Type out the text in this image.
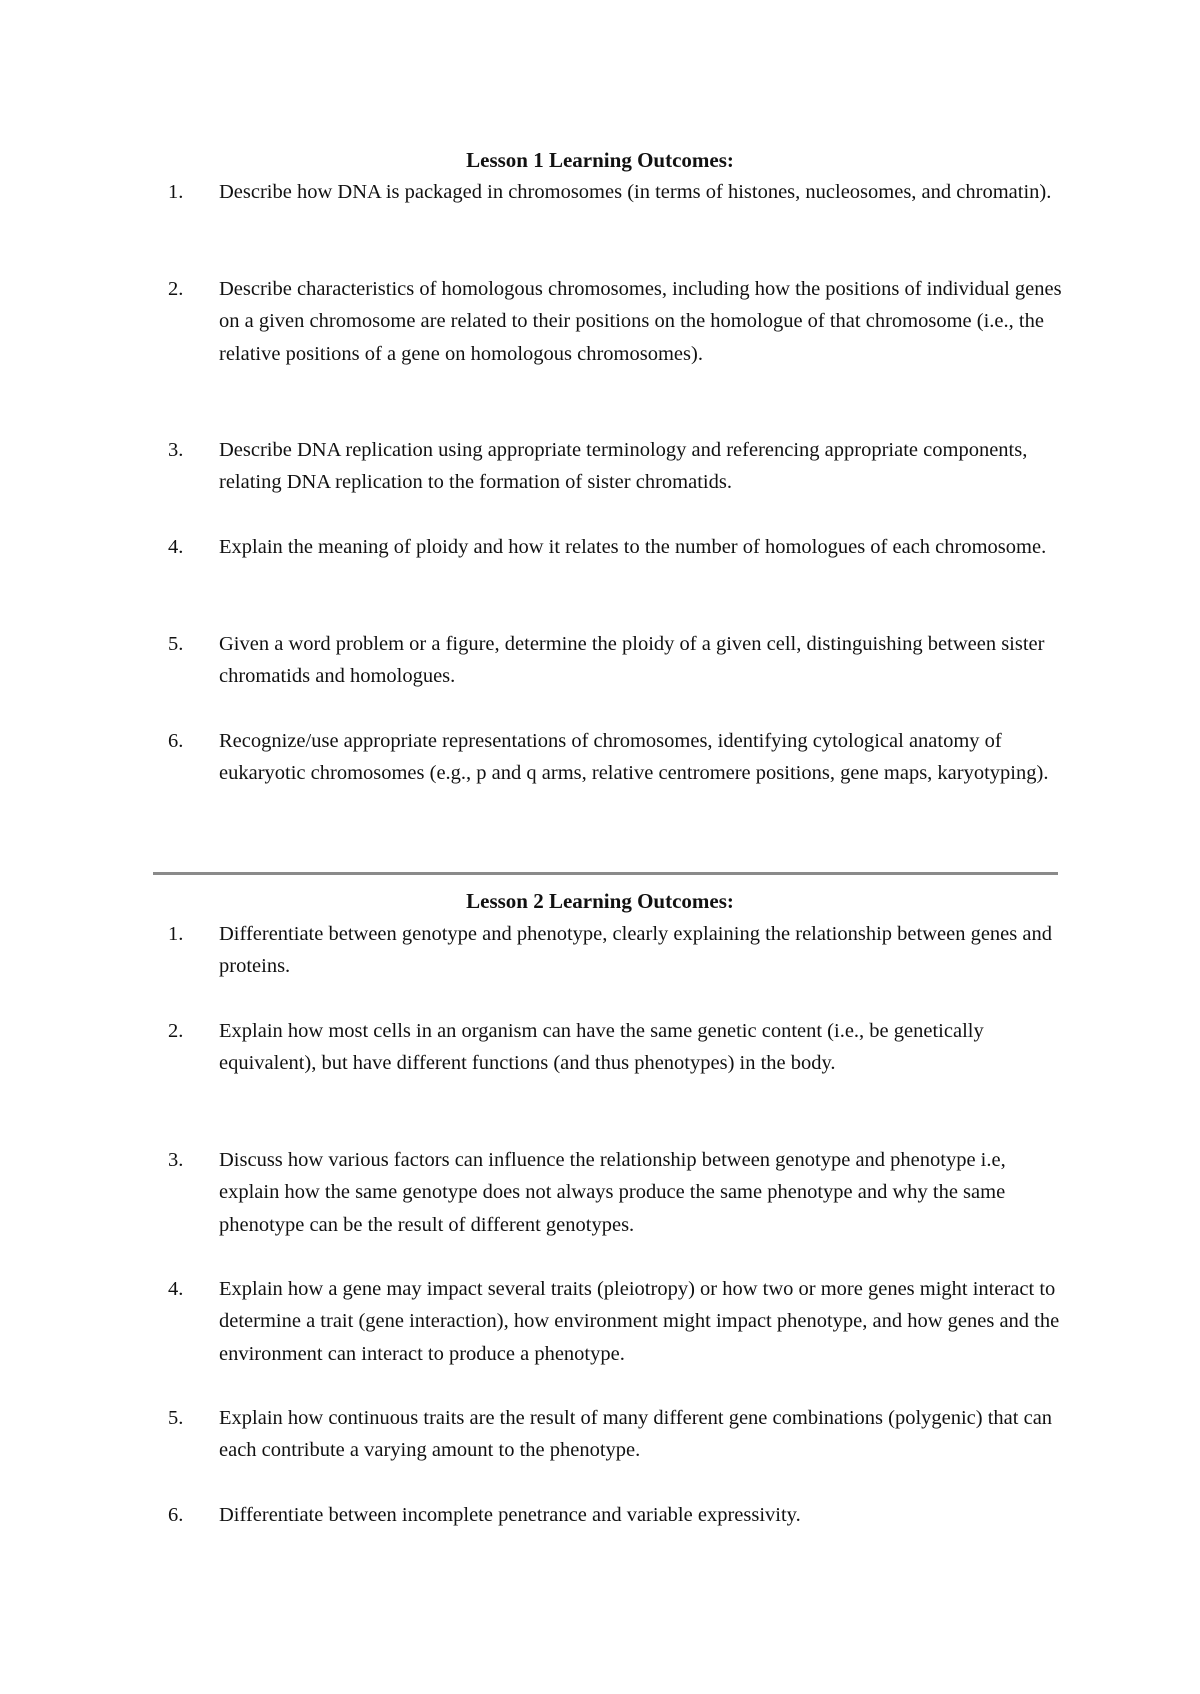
Lesson 1 Learning Outcomes:
1.	Describe how DNA is packaged in chromosomes (in terms of histones, nucleosomes, and chromatin).
2.	Describe characteristics of homologous chromosomes, including how the positions of individual genes on a given chromosome are related to their positions on the homologue of that chromosome (i.e., the relative positions of a gene on homologous chromosomes).
3.	Describe DNA replication using appropriate terminology and referencing appropriate components, relating DNA replication to the formation of sister chromatids.
4.	Explain the meaning of ploidy and how it relates to the number of homologues of each chromosome.
5.	Given a word problem or a figure, determine the ploidy of a given cell, distinguishing between sister chromatids and homologues.
6.	Recognize/use appropriate representations of chromosomes, identifying cytological anatomy of eukaryotic chromosomes (e.g., p and q arms, relative centromere positions, gene maps, karyotyping).
Lesson 2 Learning Outcomes:
1.	Differentiate between genotype and phenotype, clearly explaining the relationship between genes and proteins.
2.	Explain how most cells in an organism can have the same genetic content (i.e., be genetically equivalent), but have different functions (and thus phenotypes) in the body.
3.	Discuss how various factors can influence the relationship between genotype and phenotype i.e, explain how the same genotype does not always produce the same phenotype and why the same phenotype can be the result of different genotypes.
4.	Explain how a gene may impact several traits (pleiotropy) or how two or more genes might interact to determine a trait (gene interaction), how environment might impact phenotype, and how genes and the environment can interact to produce a phenotype.
5.	Explain how continuous traits are the result of many different gene combinations (polygenic) that can each contribute a varying amount to the phenotype.
6.	Differentiate between incomplete penetrance and variable expressivity.
